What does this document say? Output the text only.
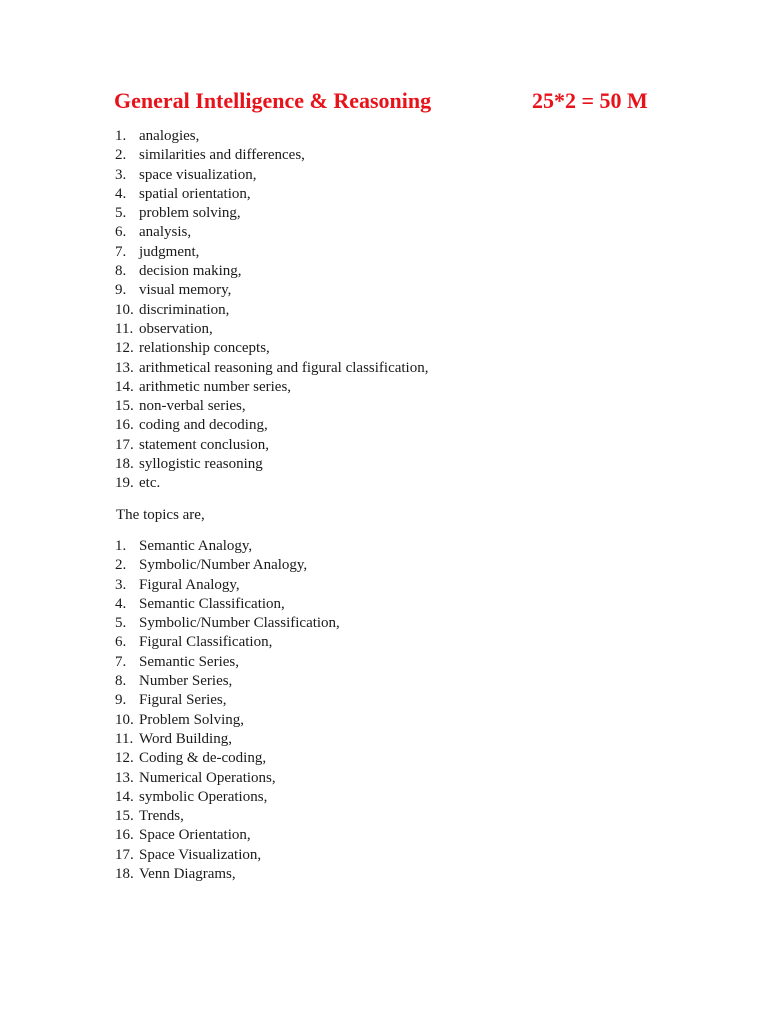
General Intelligence & Reasoning	25*2 = 50 M
1. analogies,
2. similarities and differences,
3. space visualization,
4. spatial orientation,
5. problem solving,
6. analysis,
7. judgment,
8. decision making,
9. visual memory,
10. discrimination,
11. observation,
12. relationship concepts,
13. arithmetical reasoning and figural classification,
14. arithmetic number series,
15. non-verbal series,
16. coding and decoding,
17. statement conclusion,
18. syllogistic reasoning
19. etc.
The topics are,
1. Semantic Analogy,
2. Symbolic/Number Analogy,
3. Figural Analogy,
4. Semantic Classification,
5. Symbolic/Number Classification,
6. Figural Classification,
7. Semantic Series,
8. Number Series,
9. Figural Series,
10. Problem Solving,
11. Word Building,
12. Coding & de-coding,
13. Numerical Operations,
14. symbolic Operations,
15. Trends,
16. Space Orientation,
17. Space Visualization,
18. Venn Diagrams,
